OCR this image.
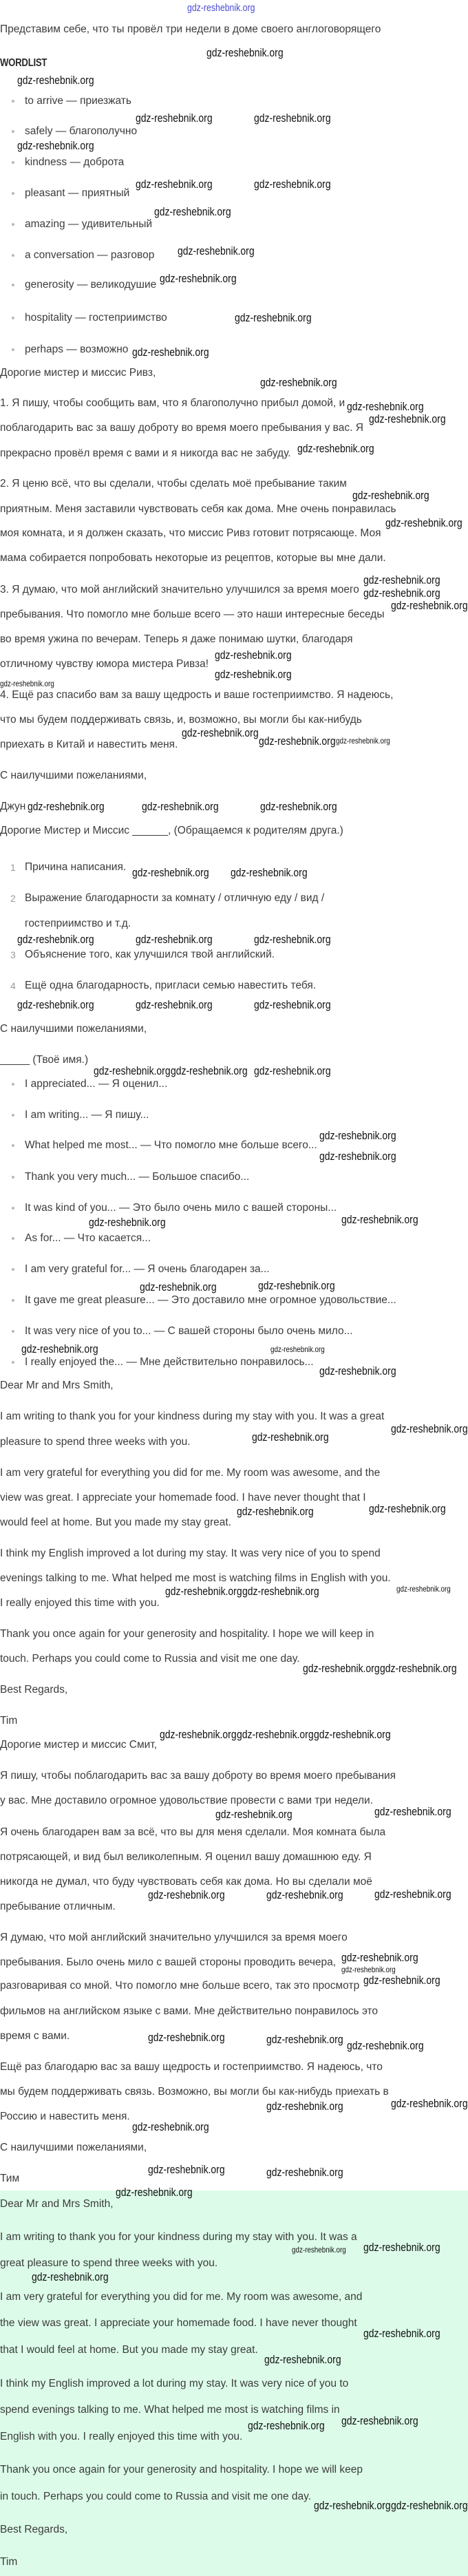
Представим себе, что ты провёл три недели в доме своего англоговорящего
WORDLIST
to arrive — приезжать
safely — благополучно
kindness — доброта
pleasant — приятный
amazing — удивительный
a conversation — разговор
generosity — великодушие
hospitality — гостеприимство
perhaps — возможно
Дорогие мистер и миссис Ривз,
1. Я пишу, чтобы сообщить вам, что я благополучно прибыл домой, и
поблагодарить вас за вашу доброту во время моего пребывания у вас. Я
прекрасно провёл время с вами и я никогда вас не забуду.
2. Я ценю всё, что вы сделали, чтобы сделать моё пребывание таким
приятным. Меня заставили чувствовать себя как дома. Мне очень понравилась
моя комната, и я должен сказать, что миссис Ривз готовит потрясающе. Моя
мама собирается попробовать некоторые из рецептов, которые вы мне дали.
3. Я думаю, что мой английский значительно улучшился за время моего
пребывания. Что помогло мне больше всего — это наши интересные беседы
во время ужина по вечерам. Теперь я даже понимаю шутки, благодаря
отличному чувству юмора мистера Ривза!
4. Ещё раз спасибо вам за вашу щедрость и ваше гостеприимство. Я надеюсь,
что мы будем поддерживать связь, и, возможно, вы могли бы как-нибудь
приехать в Китай и навестить меня.
С наилучшими пожеланиями,
Джун
Дорогие Мистер и Миссис ______, (Обращаемся к родителям друга.)
1 Причина написания.
2 Выражение благодарности за комнату / отличную еду / вид /
гостеприимство и т.д.
3 Объяснение того, как улучшился твой английский.
4 Ещё одна благодарность, пригласи семью навестить тебя.
С наилучшими пожеланиями,
_____ (Твоё имя.)
I appreciated... — Я оценил...
I am writing... — Я пишу...
What helped me most... — Что помогло мне больше всего...
Thank you very much... — Большое спасибо...
It was kind of you... — Это было очень мило с вашей стороны...
As for... — Что касается...
I am very grateful for... — Я очень благодарен за...
It gave me great pleasure... — Это доставило мне огромное удовольствие...
It was very nice of you to... — С вашей стороны было очень мило...
I really enjoyed the... — Мне действительно понравилось...
Dear Mr and Mrs Smith,
I am writing to thank you for your kindness during my stay with you. It was a great
pleasure to spend three weeks with you.
I am very grateful for everything you did for me. My room was awesome, and the
view was great. I appreciate your homemade food. I have never thought that I
would feel at home. But you made my stay great.
I think my English improved a lot during my stay. It was very nice of you to spend
evenings talking to me. What helped me most is watching films in English with you.
I really enjoyed this time with you.
Thank you once again for your generosity and hospitality. I hope we will keep in
touch. Perhaps you could come to Russia and visit me one day.
Best Regards,
Tim
Дорогие мистер и миссис Смит,
Я пишу, чтобы поблагодарить вас за вашу доброту во время моего пребывания
у вас. Мне доставило огромное удовольствие провести с вами три недели.
Я очень благодарен вам за всё, что вы для меня сделали. Моя комната была
потрясающей, и вид был великолепным. Я оценил вашу домашнюю еду. Я
никогда не думал, что буду чувствовать себя как дома. Но вы сделали моё
пребывание отличным.
Я думаю, что мой английский значительно улучшился за время моего
пребывания. Было очень мило с вашей стороны проводить вечера,
разговаривая со мной. Что помогло мне больше всего, так это просмотр
фильмов на английском языке с вами. Мне действительно понравилось это
время с вами.
Ещё раз благодарю вас за вашу щедрость и гостеприимство. Я надеюсь, что
мы будем поддерживать связь. Возможно, вы могли бы как-нибудь приехать в
Россию и навестить меня.
С наилучшими пожеланиями,
Тим
Dear Mr and Mrs Smith,
I am writing to thank you for your kindness during my stay with you. It was a
great pleasure to spend three weeks with you.
I am very grateful for everything you did for me. My room was awesome, and
the view was great. I appreciate your homemade food. I have never thought
that I would feel at home. But you made my stay great.
I think my English improved a lot during my stay. It was very nice of you to
spend evenings talking to me. What helped me most is watching films in
English with you. I really enjoyed this time with you.
Thank you once again for your generosity and hospitality. I hope we will keep
in touch. Perhaps you could come to Russia and visit me one day.
Best Regards,
Tim
gdz-reshebnik.org
gdz-reshebnik.org
gdz-reshebnik.org
gdz-reshebnik.org	gdz-reshebnik.org
gdz-reshebnik.org
gdz-reshebnik.org	gdz-reshebnik.org
gdz-reshebnik.org
gdz-reshebnik.org
gdz-reshebnik.org
gdz-reshebnik.org
gdz-reshebnik.org
gdz-reshebnik.org
gdz-reshebnik.org
gdz-reshebnik.org
gdz-reshebnik.org
gdz-reshebnik.org
gdz-reshebnik.org
gdz-reshebnik.org
gdz-reshebnik.org
gdz-reshebnik.org
gdz-reshebnik.org
gdz-reshebnik.org
gdz-reshebnik.org
gdz-reshebnik.org
gdz-reshebnik.org gdz-reshebnik.org
gdz-reshebnik.org	gdz-reshebnik.org	gdz-reshebnik.org
gdz-reshebnik.org gdz-reshebnik.org
gdz-reshebnik.org	gdz-reshebnik.org	gdz-reshebnik.org
gdz-reshebnik.org	gdz-reshebnik.org	gdz-reshebnik.org
gdz-reshebnik.org gdz-reshebnik.org gdz-reshebnik.org
gdz-reshebnik.org
gdz-reshebnik.org
gdz-reshebnik.org	gdz-reshebnik.org
gdz-reshebnik.org	gdz-reshebnik.org
gdz-reshebnik.org	gdz-reshebnik.org
gdz-reshebnik.org
gdz-reshebnik.org
gdz-reshebnik.org
gdz-reshebnik.org	gdz-reshebnik.org
gdz-reshebnik.org gdz-reshebnik.org	gdz-reshebnik.org
gdz-reshebnik.org gdz-reshebnik.org
gdz-reshebnik.org gdz-reshebnik.org gdz-reshebnik.org
gdz-reshebnik.org
gdz-reshebnik.org
gdz-reshebnik.org
gdz-reshebnik.org	gdz-reshebnik.org
gdz-reshebnik.org
gdz-reshebnik.org
gdz-reshebnik.org
gdz-reshebnik.org	gdz-reshebnik.org gdz-reshebnik.org
gdz-reshebnik.org
gdz-reshebnik.org
gdz-reshebnik.org
gdz-reshebnik.org	gdz-reshebnik.org
gdz-reshebnik.org
gdz-reshebnik.org
gdz-reshebnik.org
gdz-reshebnik.org
gdz-reshebnik.org
gdz-reshebnik.org
gdz-reshebnik.org gdz-reshebnik.org
gdz-reshebnik.org gdz-reshebnik.org
